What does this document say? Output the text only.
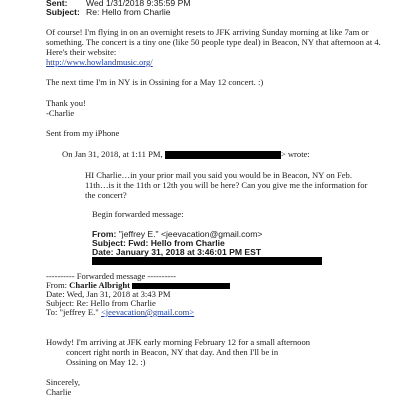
Sent: Wed 1/31/2018 9:35:59 PM
Subject: Re: Hello from Charlie
Of course! I'm flying in on an overnight resets to JFK arriving Sunday morning at like 7am or
something. The concert is a tiny one (like 50 people type deal) in Beacon, NY that afternoon at 4.
Here's their website:
http://www.howlandmusic.org/
The next time I'm in NY is in Ossining for a May 12 concert. :)
Thank you!
-Charlie
Sent from my iPhone
On Jan 31, 2018, at 1:11 PM,	> wrote:
HI Charlie…in your prior mail you said you would be in Beacon, NY on Feb.
11th…is it the 11th or 12th you will be here? Can you give me the information for
the concert?
Begin forwarded message:
From: "jeffrey E." <jeevacation@gmail.com>
Subject: Fwd: Hello from Charlie
Date: January 31, 2018 at 3:46:01 PM EST
---------- Forwarded message ----------
From: Charlie Albright
Date: Wed, Jan 31, 2018 at 3:43 PM
Subject: Re: Hello from Charlie
To: "jeffrey E." <jeevacation@gmail.com>
Howdy! I'm arriving at JFK early morning February 12 for a small afternoon
concert right north in Beacon, NY that day. And then I'll be in
Ossining on May 12. :)
Sincerely,
Charlie
